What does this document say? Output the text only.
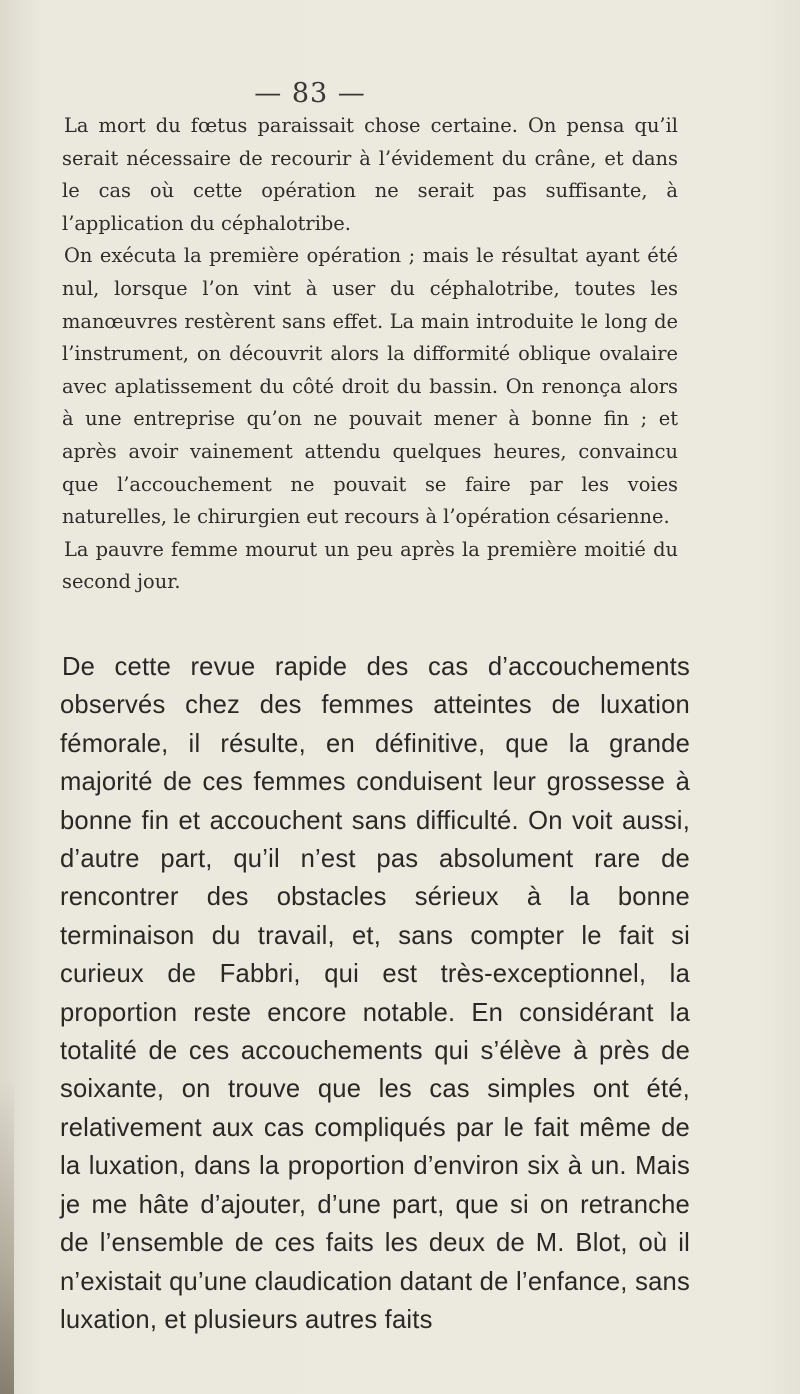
— 83 —

La mort du fœtus paraissait chose certaine. On pensa qu’il serait nécessaire de recourir à l’évidement du crâne, et dans le cas où cette opération ne serait pas suffisante, à l’application du céphalotribe.

On exécuta la première opération ; mais le résultat ayant été nul, lorsque l’on vint à user du céphalotribe, toutes les manœuvres restèrent sans effet. La main introduite le long de l’instrument, on découvrit alors la difformité oblique ovalaire avec aplatissement du côté droit du bassin. On renonça alors à une entreprise qu’on ne pouvait mener à bonne fin ; et après avoir vainement attendu quelques heures, convaincu que l’accouchement ne pouvait se faire par les voies naturelles, le chirurgien eut recours à l’opération césarienne.

La pauvre femme mourut un peu après la première moitié du second jour.

De cette revue rapide des cas d’accouchements observés chez des femmes atteintes de luxation fémorale, il résulte, en définitive, que la grande majorité de ces femmes conduisent leur grossesse à bonne fin et accouchent sans difficulté. On voit aussi, d’autre part, qu’il n’est pas absolument rare de rencontrer des obstacles sérieux à la bonne terminaison du travail, et, sans compter le fait si curieux de Fabbri, qui est très-exceptionnel, la proportion reste encore notable. En considérant la totalité de ces accouchements qui s’élève à près de soixante, on trouve que les cas simples ont été, relativement aux cas compliqués par le fait même de la luxation, dans la proportion d’environ six à un. Mais je me hâte d’ajouter, d’une part, que si on retranche de l’ensemble de ces faits les deux de M. Blot, où il n’existait qu’une claudication datant de l’enfance, sans luxation, et plusieurs autres faits
